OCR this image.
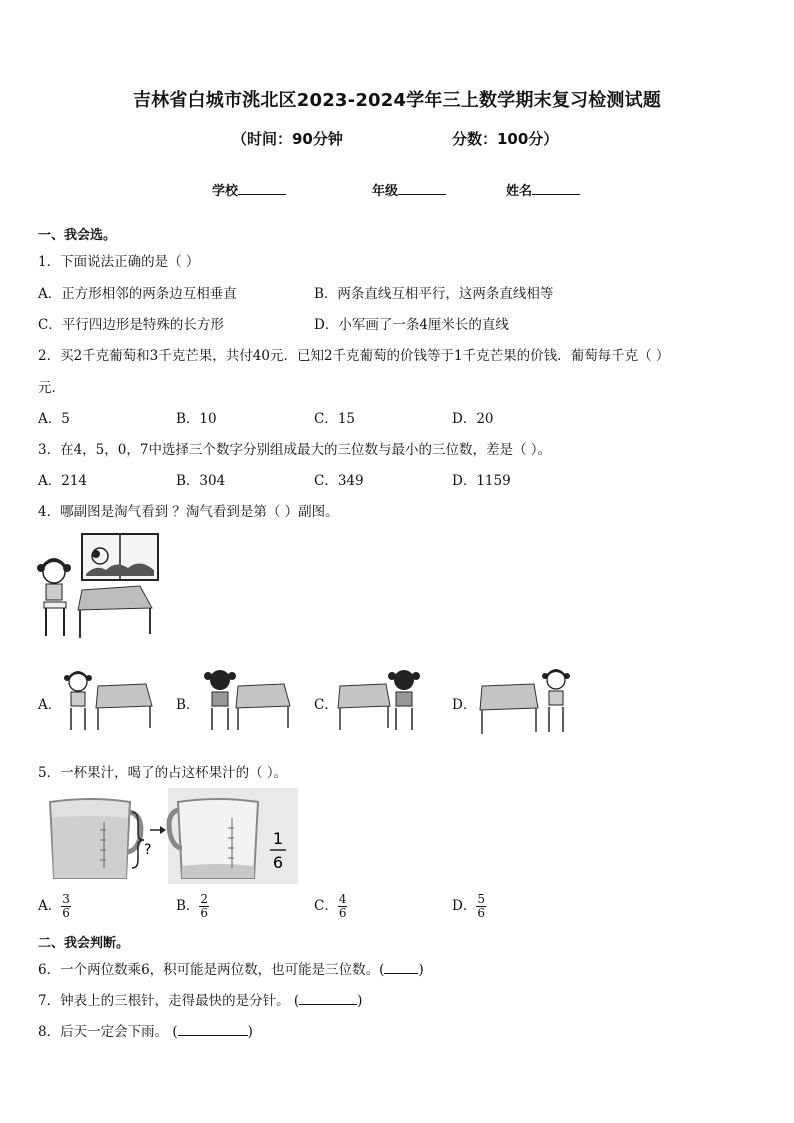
吉林省白城市洮北区2023-2024学年三上数学期末复习检测试题
（时间：90分钟	分数：100分）
学校	年级	姓名
一、我会选。
1．下面说法正确的是（ ）
A．正方形相邻的两条边互相垂直	B．两条直线互相平行，这两条直线相等
C．平行四边形是特殊的长方形	D．小军画了一条4厘米长的直线
2．买2千克葡萄和3千克芒果，共付40元．已知2千克葡萄的价钱等于1千克芒果的价钱．葡萄每千克（ ）
元．
A．5	B．10	C．15	D．20
3．在4，5，0，7中选择三个数字分别组成最大的三位数与最小的三位数，差是（ ）。
A．214	B．304	C．349	D．1159
4．哪副图是淘气看到 ？淘气看到是第（ ）副图。
A．	B．	C．	D．
5．一杯果汁，喝了的占这杯果汁的（ ）。
?
1
6
A． $\frac{3}{6}$	B． $\frac{2}{6}$	C． $\frac{4}{6}$	D． $\frac{5}{6}$
二、我会判断。
6．一个两位数乘6，积可能是两位数，也可能是三位数。(	)
7．钟表上的三根针，走得最快的是分针。 (	)
8．后天一定会下雨。 (	)
